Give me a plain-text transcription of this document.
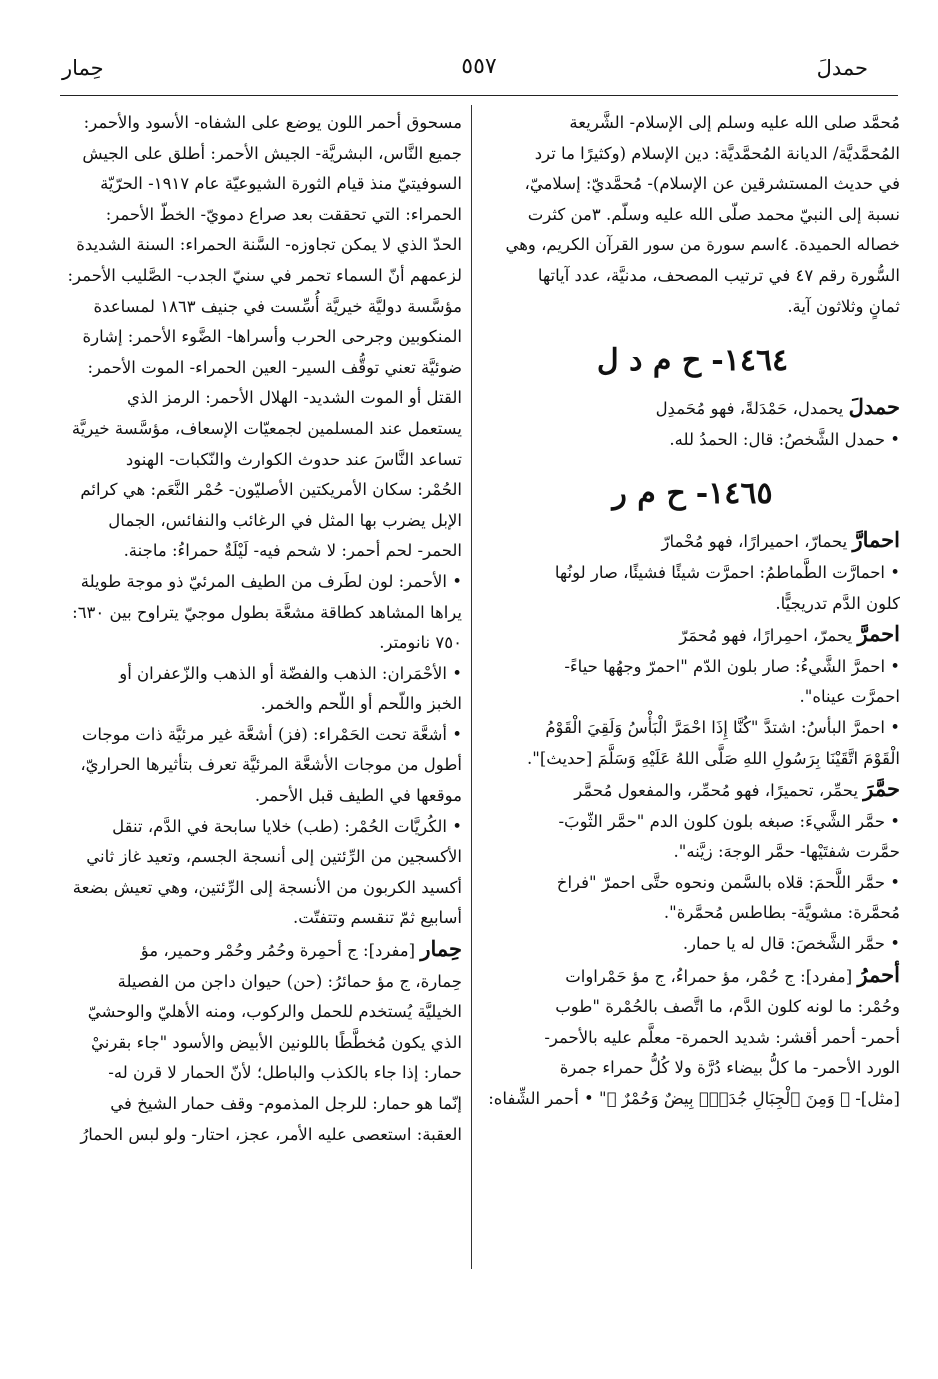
حمدلَ
٥٥٧
حِمار

مُحمَّد صلى الله عليه وسلم إلى الإسلام- الشَّريعة

المُحمَّديَّة/ الديانة المُحمَّديَّة: دين الإسلام (وكثيرًا ما ترد

في حديث المستشرقين عن الإسلام)- مُحمَّديّ: إسلاميّ،

نسبة إلى النبيّ محمد صلّى الله عليه وسلّم. ٣من كثرت

خصاله الحميدة. ٤اسم سورة من سور القرآن الكريم، وهي

السُّورة رقم ٤٧ في ترتيب المصحف، مدنيَّة، عدد آياتها

ثمانٍ وثلاثون آية.

١٤٦٤-ح م د ل

حمدلَ يحمدل، حَمْدَلةً، فهو مُحَمدِل

• حمدل الشَّخصُ: قال: الحمدُ لله.

١٤٦٥-ح م ر

احمارَّ يحمارّ، احميرارًا، فهو مُحْمارّ

• احمارَّت الطَّماطمُ: احمرَّت شيئًا فشيئًا، صار لونُها

كلون الدَّم تدريجيًّا.

احمرَّ يحمرّ، احمِرارًا، فهو مُحمَرّ

• احمرَّ الشَّيءُ: صار بلون الدّم "احمرّ وجهُها حياءً-

احمرَّت عيناه".

• احمرَّ البأسُ: اشتدَّ "كُنَّا إِذَا احْمَرَّ الْبَأْسُ وَلَقِيَ الْقَوْمُ

الْقَوْمَ اتَّقَيْنَا بِرَسُولِ اللهِ صَلَّى اللهُ عَلَيْهِ وَسَلَّمَ [حديث]".

حمَّرَ يحمِّر، تحميرًا، فهو مُحمِّر، والمفعول مُحمَّر

• حمَّر الشَّيءَ: صبغه بلون كلون الدم "حمَّر الثّوبَ-

حمَّرت شفتَيْها- حمَّر الوجهَ: زيَّنه".

• حمَّر اللَّحمَ: قلاه بالسَّمن ونحوه حتَّى احمرّ "فراخ

مُحمَّرة: مشويَّة- بطاطس مُحمَّرة".

• حمَّر الشَّخصَ: قال له يا حمار.

أحمرُ [مفرد]: ج حُمْر، مؤ حمراءُ، ج مؤ حَمْراوات

وحُمْر: ما لونه كلون الدَّم، ما اتَّصف بالحُمْرة "طوب

أحمر- أحمر أقشر: شديد الحمرة- معلَّم عليه بالأحمر-

الورد الأحمر- ما كلُّ بيضاء دُرَّة ولا كُلُّ حمراء جمرة

[مثل]- ﴿ وَمِنَ ٱلْجِبَالِ جُدَدٌۢ بِيضٌ وَحُمْرٌ ﴾" • أحمر الشِّفاه:

مسحوق أحمر اللون يوضع على الشفاه- الأسود والأحمر:

جميع النَّاس، البشريَّة- الجيش الأحمر: أطلق على الجيش

السوفيتيّ منذ قيام الثورة الشيوعيّة عام ١٩١٧- الحرّيّة

الحمراء: التي تحققت بعد صراع دمويّ- الخطّ الأحمر:

الحدّ الذي لا يمكن تجاوزه- السَّنة الحمراء: السنة الشديدة

لزعمهم أنّ السماء تحمر في سنيّ الجدب- الصَّليب الأحمر:

مؤسَّسة دوليَّة خيريَّة أُسِّست في جنيف ١٨٦٣ لمساعدة

المنكوبين وجرحى الحرب وأسراها- الضَّوء الأحمر: إشارة

ضوئيَّة تعني توقُّف السير- العين الحمراء- الموت الأحمر:

القتل أو الموت الشديد- الهلال الأحمر: الرمز الذي

يستعمل عند المسلمين لجمعيّات الإسعاف، مؤسَّسة خيريَّة

تساعد النَّاسَ عند حدوث الكوارث والنّكبات- الهنود

الحُمْر: سكان الأمريكتين الأصليّون- حُمْر النَّعَم: هي كرائم

الإبل يضرب بها المثل في الرغائب والنفائس، الجمال

الحمر- لحم أحمر: لا شحم فيه- لَيْلَةٌ حمراءُ: ماجنة.

• الأحمر: لون لطَرف من الطيف المرئيّ ذو موجة طويلة

يراها المشاهد كطاقة مشعَّة بطول موجيّ يتراوح بين ٦٣٠:

٧٥٠ نانومتر.

• الأحْمَران: الذهب والفضّة أو الذهب والزّعفران أو

الخبز واللّحم أو اللّحم والخمر.

• أشعَّة تحت الحَمْراء: (فز) أشعَّة غير مرئيَّة ذات موجات

أطول من موجات الأشعَّة المرئيَّة تعرف بتأثيرها الحراريّ،

موقعها في الطيف قبل الأحمر.

• الكُريَّات الحُمْر: (طب) خلايا سابحة في الدَّم، تنقل

الأكسجين من الرِّئتين إلى أنسجة الجسم، وتعيد غاز ثاني

أكسيد الكربون من الأنسجة إلى الرِّئتين، وهي تعيش بضعة

أسابيع ثمّ تنقسم وتتفتّت.

حِمار [مفرد]: ج أحمِرة وحُمُر وحُمْر وحمير، مؤ

حِمارة، ج مؤ حمائرُ: (حن) حيوان داجن من الفصيلة

الخيليَّة يُستخدم للحمل والركوب، ومنه الأهليّ والوحشيّ

الذي يكون مُخطَّطًا باللونين الأبيض والأسود "جاء بقرنيْ

حمار: إذا جاء بالكذب والباطل؛ لأنّ الحمار لا قرن له-

إنّما هو حمار: للرجل المذموم- وقف حمار الشيخ في

العقبة: استعصى عليه الأمر، عجز، احتار- ولو لبس الحمارُ
